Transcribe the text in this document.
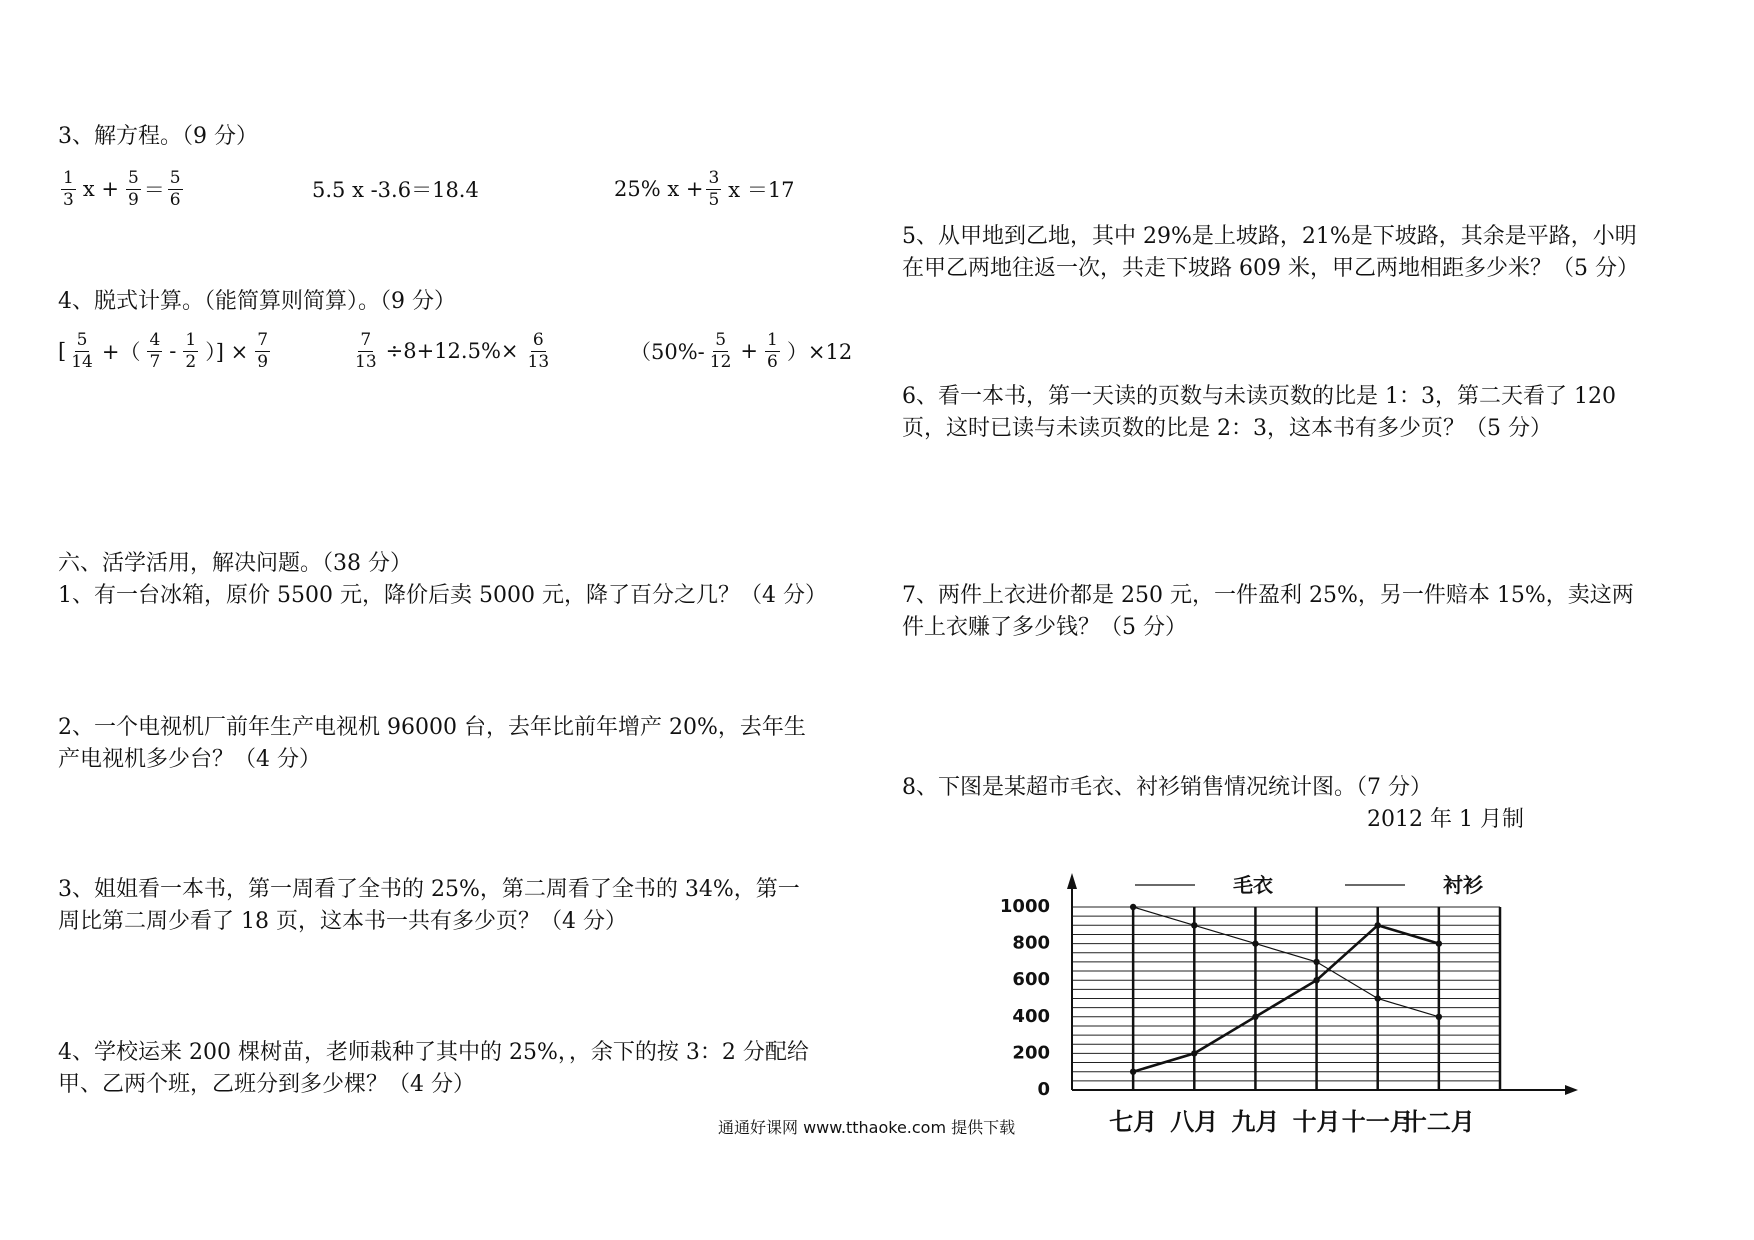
3、解方程。（9 分）
$\frac{1}{3}$ $x + \frac{5}{9} = \frac{5}{6}$	5.5 x -3.6＝18.4	25% $x + \frac{3}{5}$ x ＝17
4、脱式计算。（能简算则简算）。（9 分）
[ $\frac{5}{14}$ +（ $\frac{4}{7} - \frac{1}{2}$ ）] × $\frac{7}{9}$	$\frac{7}{13} \div 8+12.5\%\times \frac{6}{13}$	$(50\%- \frac{5}{12} + \frac{1}{6} )\times 12$
六、活学活用，解决问题。（38 分）
1、有一台冰箱，原价 5500 元，降价后卖 5000 元，降了百分之几？（4 分）
2、一个电视机厂前年生产电视机 96000 台，去年比前年增产 20%，去年生
产电视机多少台？（4 分）
3、姐姐看一本书，第一周看了全书的 25%，第二周看了全书的 34%，第一
周比第二周少看了 18 页，这本书一共有多少页？（4 分）
4、学校运来 200 棵树苗，老师栽种了其中的 25%，，余下的按 3：2 分配给
甲、乙两个班，乙班分到多少棵？（4 分）
5、从甲地到乙地，其中 29%是上坡路，21%是下坡路，其余是平路，小明
在甲乙两地往返一次，共走下坡路 609 米，甲乙两地相距多少米？（5 分）
6、看一本书，第一天读的页数与未读页数的比是 1：3，第二天看了 120
页，这时已读与未读页数的比是 2：3，这本书有多少页？（5 分）
7、两件上衣进价都是 250 元，一件盈利 25%，另一件赔本 15%，卖这两
件上衣赚了多少钱？（5 分）
8、下图是某超市毛衣、衬衫销售情况统计图。（7 分）
2012 年 1 月制
0
200
400
600
800
1000
七月 八月 九月 十月 十一月
十二月
毛衣	衬衫
通通好课网 www.tthaoke.com 提供下载
